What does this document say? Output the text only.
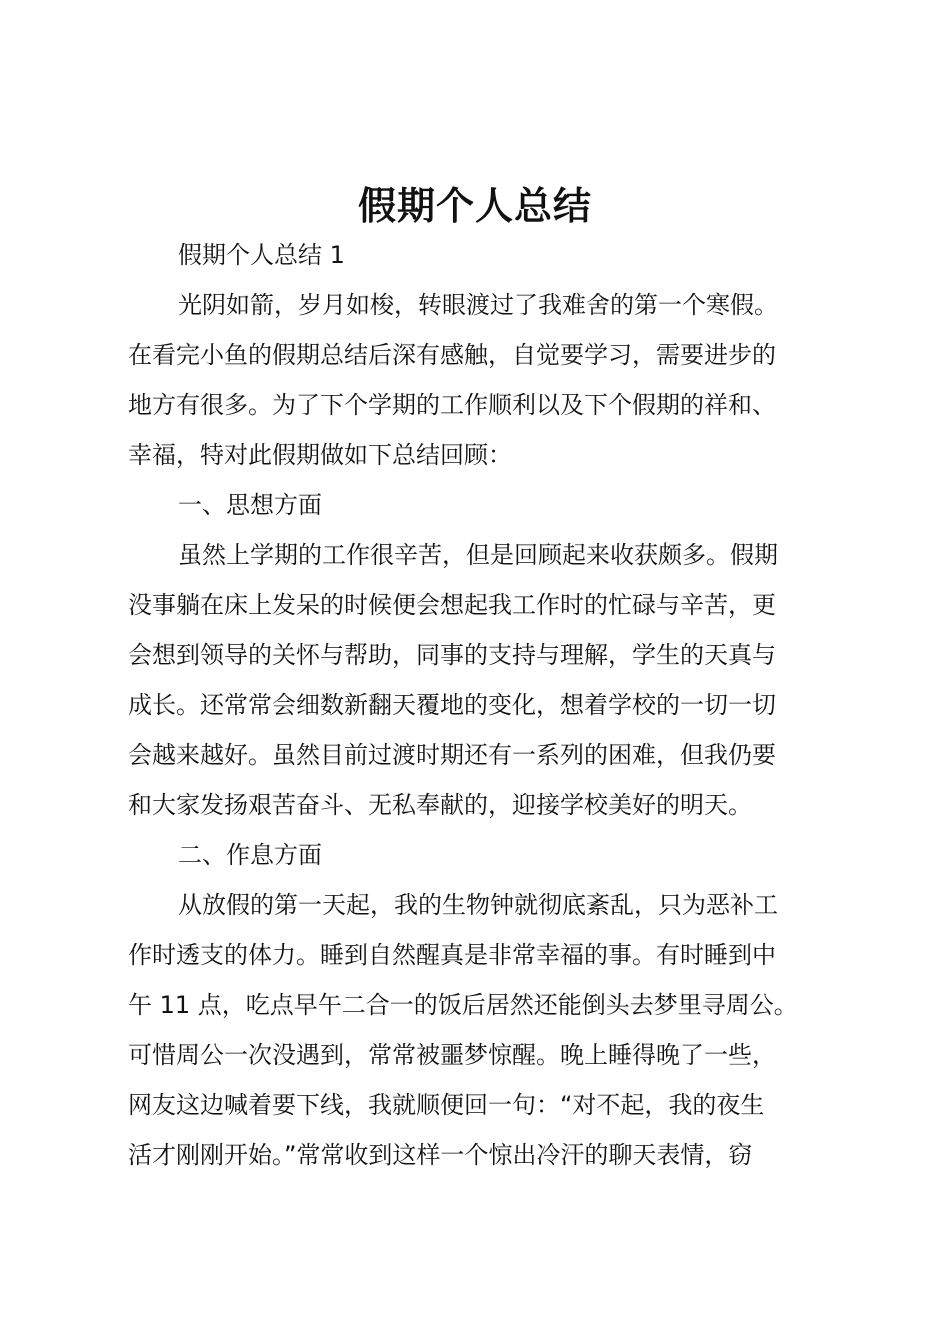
假期个人总结

假期个人总结 1

光阴如箭，岁月如梭，转眼渡过了我难舍的第一个寒假。

在看完小鱼的假期总结后深有感触，自觉要学习，需要进步的

地方有很多。为了下个学期的工作顺利以及下个假期的祥和、

幸福，特对此假期做如下总结回顾：

一、思想方面

虽然上学期的工作很辛苦，但是回顾起来收获颇多。假期

没事躺在床上发呆的时候便会想起我工作时的忙碌与辛苦，更

会想到领导的关怀与帮助，同事的支持与理解，学生的天真与

成长。还常常会细数新翻天覆地的变化，想着学校的一切一切

会越来越好。虽然目前过渡时期还有一系列的困难，但我仍要

和大家发扬艰苦奋斗、无私奉献的，迎接学校美好的明天。

二、作息方面

从放假的第一天起，我的生物钟就彻底紊乱，只为恶补工

作时透支的体力。睡到自然醒真是非常幸福的事。有时睡到中

午 11 点，吃点早午二合一的饭后居然还能倒头去梦里寻周公。

可惜周公一次没遇到，常常被噩梦惊醒。晚上睡得晚了一些，

网友这边喊着要下线，我就顺便回一句：“对不起，我的夜生

活才刚刚开始。”常常收到这样一个惊出冷汗的聊天表情，窃
